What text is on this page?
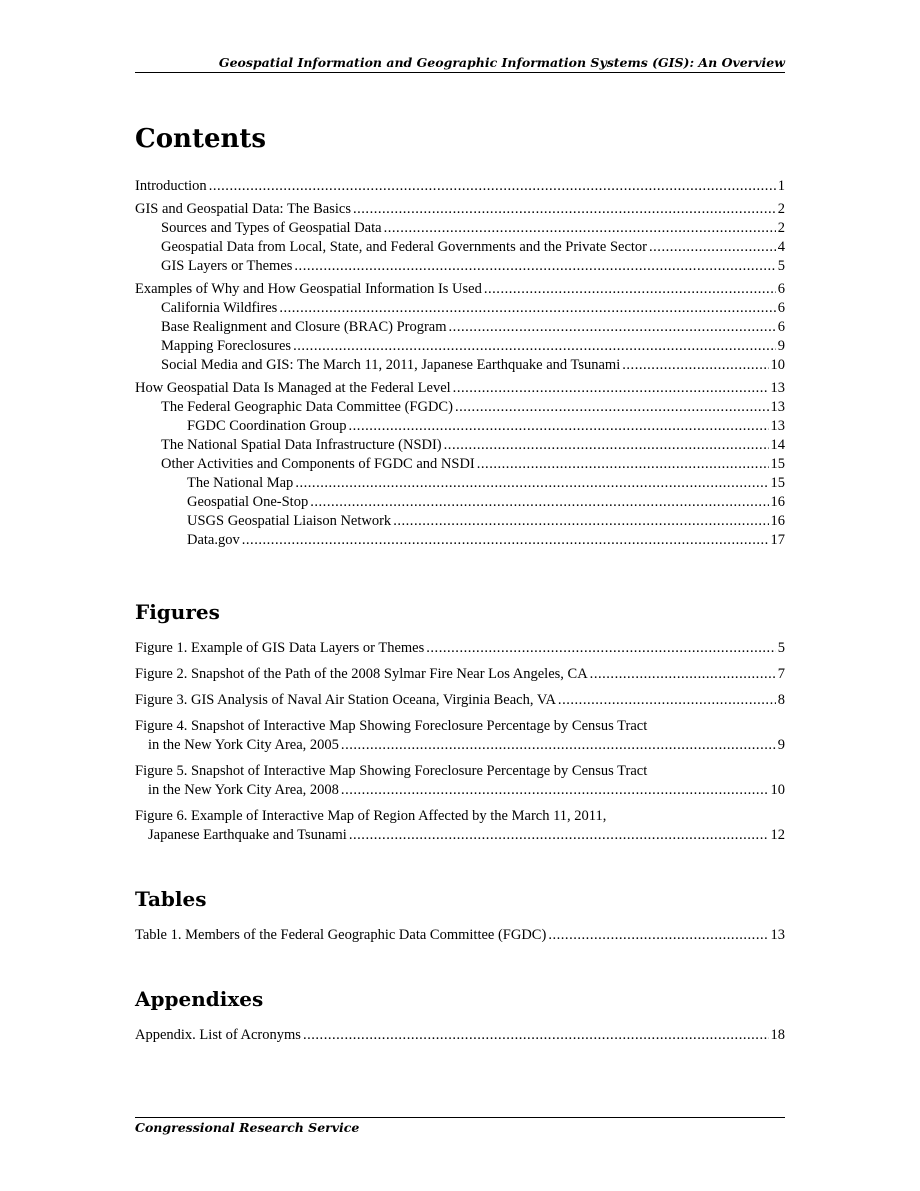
Geospatial Information and Geographic Information Systems (GIS): An Overview
Contents
Introduction . . .	1
GIS and Geospatial Data: The Basics . . .	2
Sources and Types of Geospatial Data . . .	2
Geospatial Data from Local, State, and Federal Governments and the Private Sector . . .	4
GIS Layers or Themes . . .	5
Examples of Why and How Geospatial Information Is Used . . .	6
California Wildfires . . .	6
Base Realignment and Closure (BRAC) Program . . .	6
Mapping Foreclosures . . .	9
Social Media and GIS: The March 11, 2011, Japanese Earthquake and Tsunami . . .	10
How Geospatial Data Is Managed at the Federal Level . . .	13
The Federal Geographic Data Committee (FGDC) . . .	13
FGDC Coordination Group . . .	13
The National Spatial Data Infrastructure (NSDI) . . .	14
Other Activities and Components of FGDC and NSDI . . .	15
The National Map . . .	15
Geospatial One-Stop . . .	16
USGS Geospatial Liaison Network . . .	16
Data.gov . . .	17
Figures
Figure 1. Example of GIS Data Layers or Themes . . .	5
Figure 2. Snapshot of the Path of the 2008 Sylmar Fire Near Los Angeles, CA . . .	7
Figure 3. GIS Analysis of Naval Air Station Oceana, Virginia Beach, VA . . .	8
Figure 4. Snapshot of Interactive Map Showing Foreclosure Percentage by Census Tract
in the New York City Area, 2005 . . .	9
Figure 5. Snapshot of Interactive Map Showing Foreclosure Percentage by Census Tract
in the New York City Area, 2008 . . .	10
Figure 6. Example of Interactive Map of Region Affected by the March 11, 2011,
Japanese Earthquake and Tsunami . . .	12
Tables
Table 1. Members of the Federal Geographic Data Committee (FGDC) . . .	13
Appendixes
Appendix. List of Acronyms . . .	18
Congressional Research Service
